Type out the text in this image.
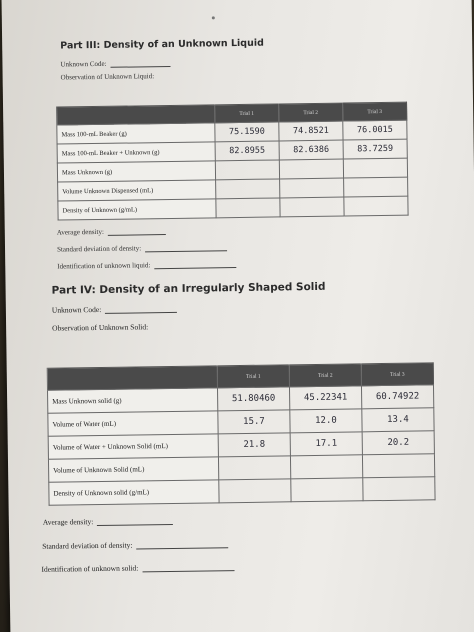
Part III: Density of an Unknown Liquid
Unknown Code:
Observation of Unknown Liquid:
	Trial 1	Trial 2	Trial 3
Mass 100-mL Beaker (g)	75.1590	74.8521	76.0015
Mass 100-mL Beaker + Unknown (g)	82.8955	82.6386	83.7259
Mass Unknown (g)			
Volume Unknown Dispensed (mL)			
Density of Unknown (g/mL)			
Average density:
Standard deviation of density:
Identification of unknown liquid:
Part IV: Density of an Irregularly Shaped Solid
Unknown Code:
Observation of Unknown Solid:
	Trial 1	Trial 2	Trial 3
Mass Unknown solid (g)	51.80460	45.22341	60.74922
Volume of Water (mL)	15.7	12.0	13.4
Volume of Water + Unknown Solid (mL)	21.8	17.1	20.2
Volume of Unknown Solid (mL)			
Density of Unknown solid (g/mL)			
Average density:
Standard deviation of density:
Identification of unknown solid:
